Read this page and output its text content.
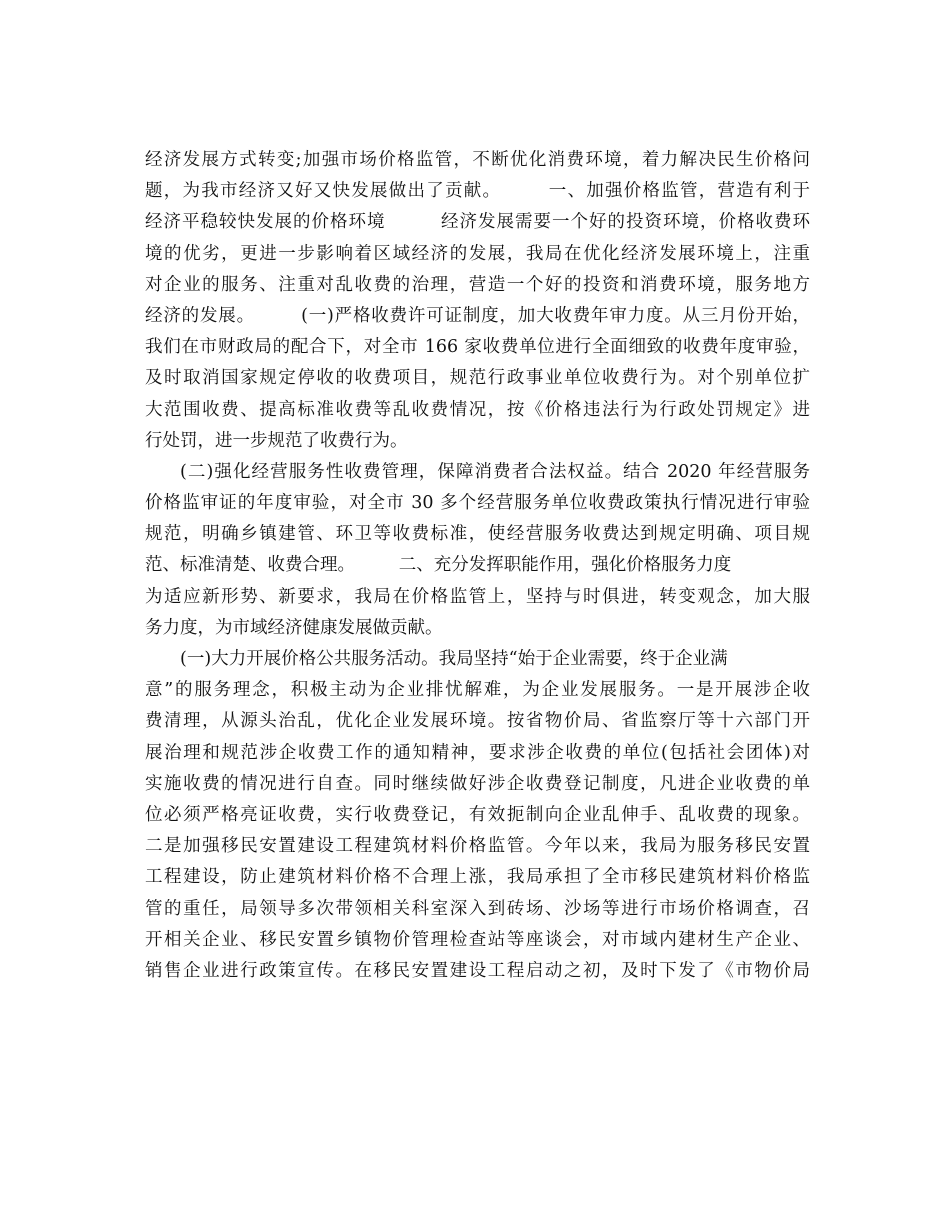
经济发展方式转变;加强市场价格监管，不断优化消费环境，着力解决民生价格问
题，为我市经济又好又快发展做出了贡献。　　　一、加强价格监管，营造有利于
经济平稳较快发展的价格环境　　　经济发展需要一个好的投资环境，价格收费环
境的优劣，更进一步影响着区域经济的发展，我局在优化经济发展环境上，注重
对企业的服务、注重对乱收费的治理，营造一个好的投资和消费环境，服务地方
经济的发展。　　　(一)严格收费许可证制度，加大收费年审力度。从三月份开始，
我们在市财政局的配合下，对全市 166 家收费单位进行全面细致的收费年度审验，
及时取消国家规定停收的收费项目，规范行政事业单位收费行为。对个别单位扩
大范围收费、提高标准收费等乱收费情况，按《价格违法行为行政处罚规定》进
行处罚，进一步规范了收费行为。
(二)强化经营服务性收费管理，保障消费者合法权益。结合 2020 年经营服务
价格监审证的年度审验，对全市 30 多个经营服务单位收费政策执行情况进行审验
规范，明确乡镇建管、环卫等收费标准，使经营服务收费达到规定明确、项目规
范、标准清楚、收费合理。　　　二、充分发挥职能作用，强化价格服务力度
为适应新形势、新要求，我局在价格监管上，坚持与时俱进，转变观念，加大服
务力度，为市域经济健康发展做贡献。
(一)大力开展价格公共服务活动。我局坚持“始于企业需要，终于企业满
意”的服务理念，积极主动为企业排忧解难，为企业发展服务。一是开展涉企收
费清理，从源头治乱，优化企业发展环境。按省物价局、省监察厅等十六部门开
展治理和规范涉企收费工作的通知精神，要求涉企收费的单位(包括社会团体)对
实施收费的情况进行自查。同时继续做好涉企收费登记制度，凡进企业收费的单
位必须严格亮证收费，实行收费登记，有效扼制向企业乱伸手、乱收费的现象。
二是加强移民安置建设工程建筑材料价格监管。今年以来，我局为服务移民安置
工程建设，防止建筑材料价格不合理上涨，我局承担了全市移民建筑材料价格监
管的重任，局领导多次带领相关科室深入到砖场、沙场等进行市场价格调查，召
开相关企业、移民安置乡镇物价管理检查站等座谈会，对市域内建材生产企业、
销售企业进行政策宣传。在移民安置建设工程启动之初，及时下发了《市物价局
